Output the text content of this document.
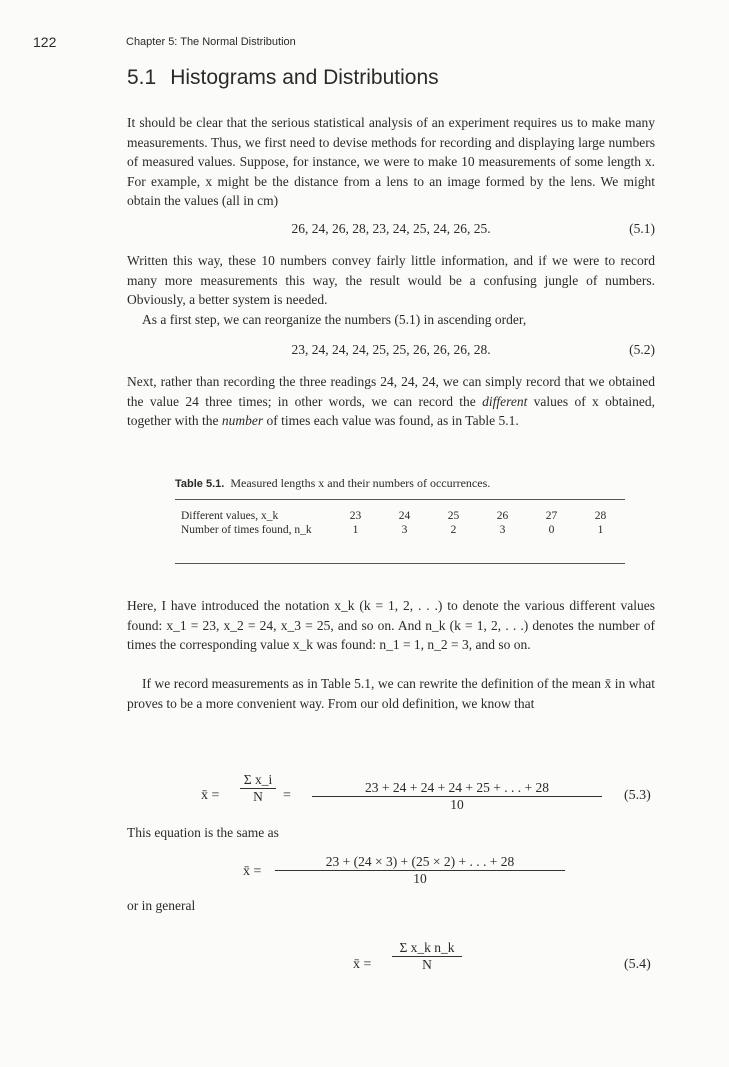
122	Chapter 5: The Normal Distribution
5.1 Histograms and Distributions

It should be clear that the serious statistical analysis of an experiment requires us to make many measurements. Thus, we first need to devise methods for recording and displaying large numbers of measured values. Suppose, for instance, we were to make 10 measurements of some length x. For example, x might be the distance from a lens to an image formed by the lens. We might obtain the values (all in cm)

26, 24, 26, 28, 23, 24, 25, 24, 26, 25.	(5.1)

Written this way, these 10 numbers convey fairly little information, and if we were to record many more measurements this way, the result would be a confusing jungle of numbers. Obviously, a better system is needed.

As a first step, we can reorganize the numbers (5.1) in ascending order,

23, 24, 24, 24, 25, 25, 26, 26, 26, 28.	(5.2)

Next, rather than recording the three readings 24, 24, 24, we can simply record that we obtained the value 24 three times; in other words, we can record the different values of x obtained, together with the number of times each value was found, as in Table 5.1.

Table 5.1. Measured lengths x and their numbers of occurrences.
Different values, x_k	23	24	25	26	27	28
Number of times found, n_k	1	3	2	3	0	1

Here, I have introduced the notation x_k (k = 1, 2, . . .) to denote the various different values found: x_1 = 23, x_2 = 24, x_3 = 25, and so on. And n_k (k = 1, 2, . . .) denotes the number of times the corresponding value x_k was found: n_1 = 1, n_2 = 3, and so on.

If we record measurements as in Table 5.1, we can rewrite the definition of the mean x̄ in what proves to be a more convenient way. From our old definition, we know that

x̄ = $\frac{\text{Σ x\_i}}{N} = \frac{23 + 24 + 24 + 24 + 25 + . . . + 28}{10} (5.3)$

This equation is the same as

x̄ = $\frac{23 + (24 \times 3) + (25 \times 2) + . . . + 28}{10}$

or in general

x̄ = $\frac{\text{Σ x\_k n\_k}}{N}$	(5.4)
